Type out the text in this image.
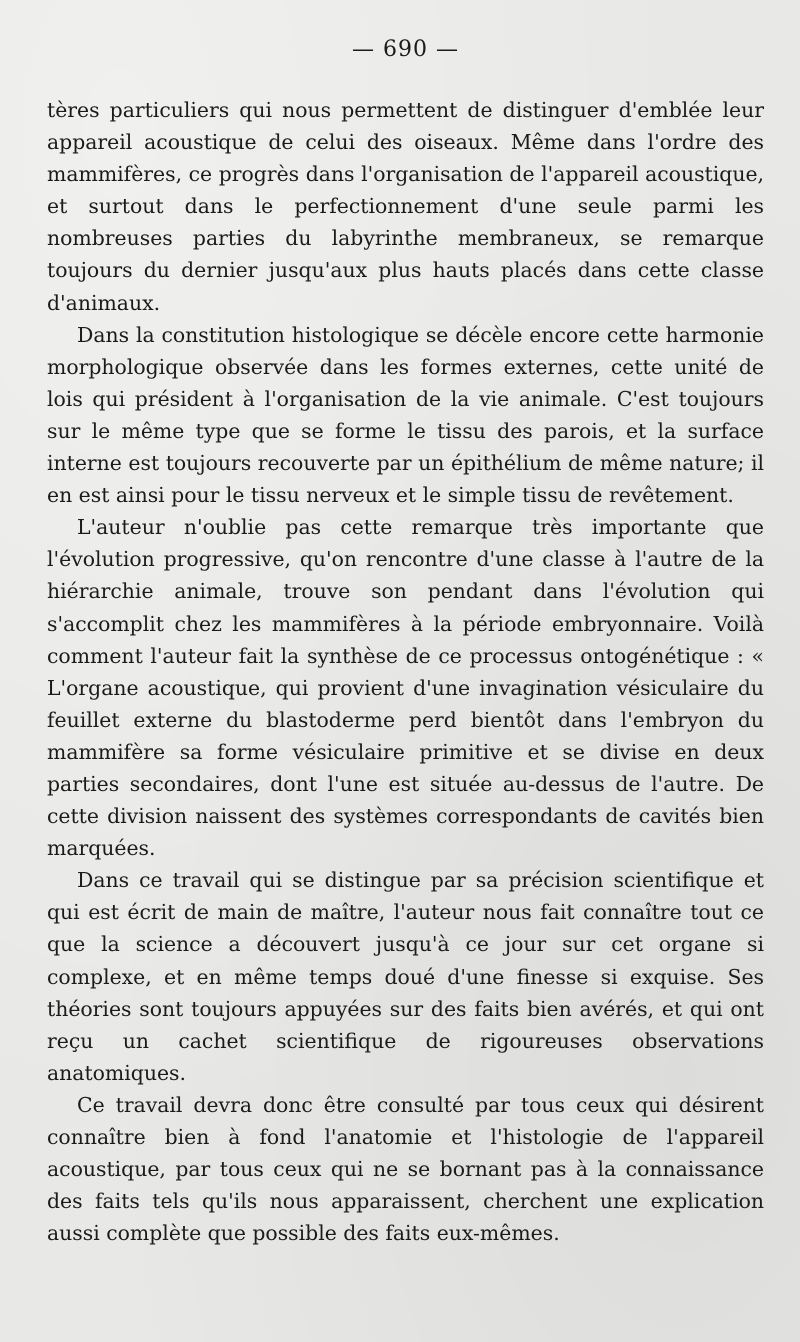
— 690 —

tères particuliers qui nous permettent de distinguer d'emblée leur appareil acoustique de celui des oiseaux. Même dans l'ordre des mammifères, ce progrès dans l'organisation de l'appareil acoustique, et surtout dans le perfectionnement d'une seule parmi les nombreuses parties du labyrinthe membraneux, se remarque toujours du dernier jusqu'aux plus hauts placés dans cette classe d'animaux.

Dans la constitution histologique se décèle encore cette harmonie morphologique observée dans les formes externes, cette unité de lois qui président à l'organisation de la vie animale. C'est toujours sur le même type que se forme le tissu des parois, et la surface interne est toujours recouverte par un épithélium de même nature; il en est ainsi pour le tissu nerveux et le simple tissu de revêtement.

L'auteur n'oublie pas cette remarque très importante que l'évolution progressive, qu'on rencontre d'une classe à l'autre de la hiérarchie animale, trouve son pendant dans l'évolution qui s'accomplit chez les mammifères à la période embryonnaire. Voilà comment l'auteur fait la synthèse de ce processus ontogénétique : « L'organe acoustique, qui provient d'une invagination vésiculaire du feuillet externe du blastoderme perd bientôt dans l'embryon du mammifère sa forme vésiculaire primitive et se divise en deux parties secondaires, dont l'une est située au-dessus de l'autre. De cette division naissent des systèmes correspondants de cavités bien marquées.

Dans ce travail qui se distingue par sa précision scientifique et qui est écrit de main de maître, l'auteur nous fait connaître tout ce que la science a découvert jusqu'à ce jour sur cet organe si complexe, et en même temps doué d'une finesse si exquise. Ses théories sont toujours appuyées sur des faits bien avérés, et qui ont reçu un cachet scientifique de rigoureuses observations anatomiques.

Ce travail devra donc être consulté par tous ceux qui désirent connaître bien à fond l'anatomie et l'histologie de l'appareil acoustique, par tous ceux qui ne se bornant pas à la connaissance des faits tels qu'ils nous apparaissent, cherchent une explication aussi complète que possible des faits eux-mêmes.
